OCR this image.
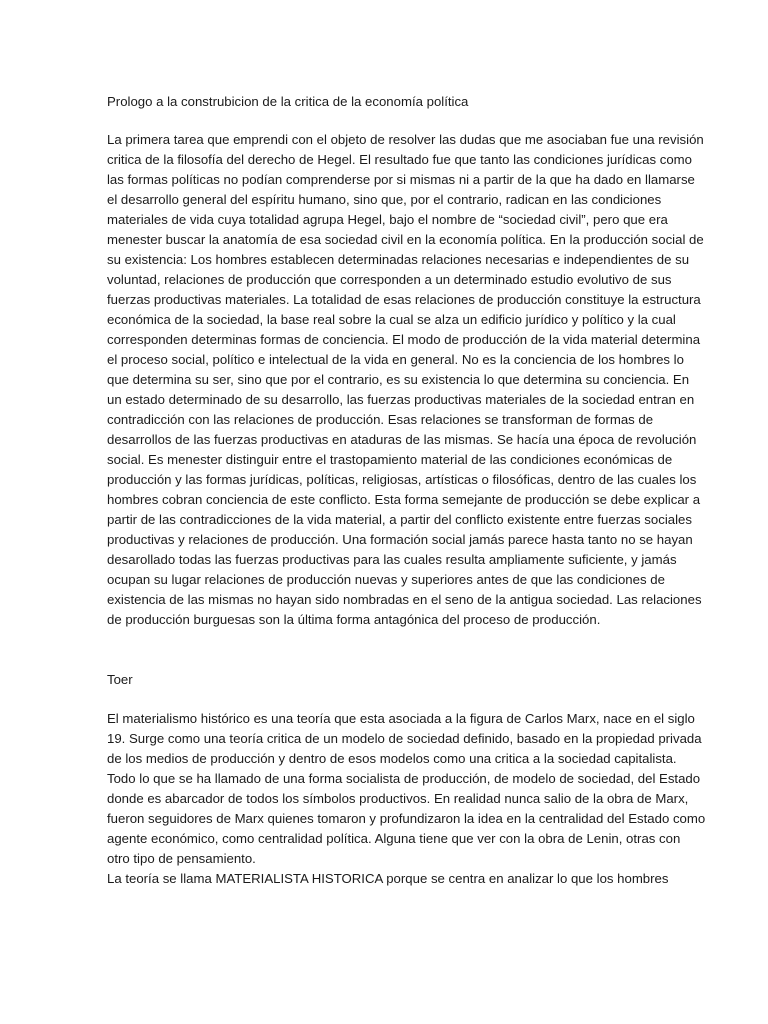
Prologo a la construbicion de la critica de la economía política

La primera tarea que emprendi con el objeto de resolver las dudas que me asociaban fue una revisión critica de la filosofía del derecho de Hegel. El resultado fue que tanto las condiciones jurídicas como las formas políticas no podían comprenderse por si mismas ni a partir de la que ha dado en llamarse el desarrollo general del espíritu humano, sino que, por el contrario, radican en las condiciones materiales de vida cuya totalidad agrupa Hegel, bajo el nombre de “sociedad civil”, pero que era menester buscar la anatomía de esa sociedad civil en la economía política. En la producción social de su existencia: Los hombres establecen determinadas relaciones necesarias e independientes de su voluntad, relaciones de producción que corresponden a un determinado estudio evolutivo de sus fuerzas productivas materiales. La totalidad de esas relaciones de producción constituye la estructura económica de la sociedad, la base real sobre la cual se alza un edificio jurídico y político y la cual corresponden determinas formas de conciencia. El modo de producción de la vida material determina el proceso social, político e intelectual de la vida en general. No es la conciencia de los hombres lo que determina su ser, sino que por el contrario, es su existencia lo que determina su conciencia. En un estado determinado de su desarrollo, las fuerzas productivas materiales de la sociedad entran en contradicción con las relaciones de producción. Esas relaciones se transforman de formas de desarrollos de las fuerzas productivas en ataduras de las mismas. Se hacía una época de revolución social. Es menester distinguir entre el trastopamiento material de las condiciones económicas de producción y las formas jurídicas, políticas, religiosas, artísticas o filosóficas, dentro de las cuales los hombres cobran conciencia de este conflicto. Esta forma semejante de producción se debe explicar a partir de las contradicciones de la vida material, a partir del conflicto existente entre fuerzas sociales productivas y relaciones de producción. Una formación social jamás parece hasta tanto no se hayan desarollado todas las fuerzas productivas para las cuales resulta ampliamente suficiente, y jamás ocupan su lugar relaciones de producción nuevas y superiores antes de que las condiciones de existencia de las mismas no hayan sido nombradas en el seno de la antigua sociedad. Las relaciones de producción burguesas son la última forma antagónica del proceso de producción.

Toer

El materialismo histórico es una teoría que esta asociada a la figura de Carlos Marx, nace en el siglo 19. Surge como una teoría critica de un modelo de sociedad definido, basado en la propiedad privada de los medios de producción y dentro de esos modelos como una critica a la sociedad capitalista.

Todo lo que se ha llamado de una forma socialista de producción, de modelo de sociedad, del Estado donde es abarcador de todos los símbolos productivos. En realidad nunca salio de la obra de Marx, fueron seguidores de Marx quienes tomaron y profundizaron la idea en la centralidad del Estado como agente económico, como centralidad política. Alguna tiene que ver con la obra de Lenin, otras con otro tipo de pensamiento.

La teoría se llama MATERIALISTA HISTORICA porque se centra en analizar lo que los hombres
